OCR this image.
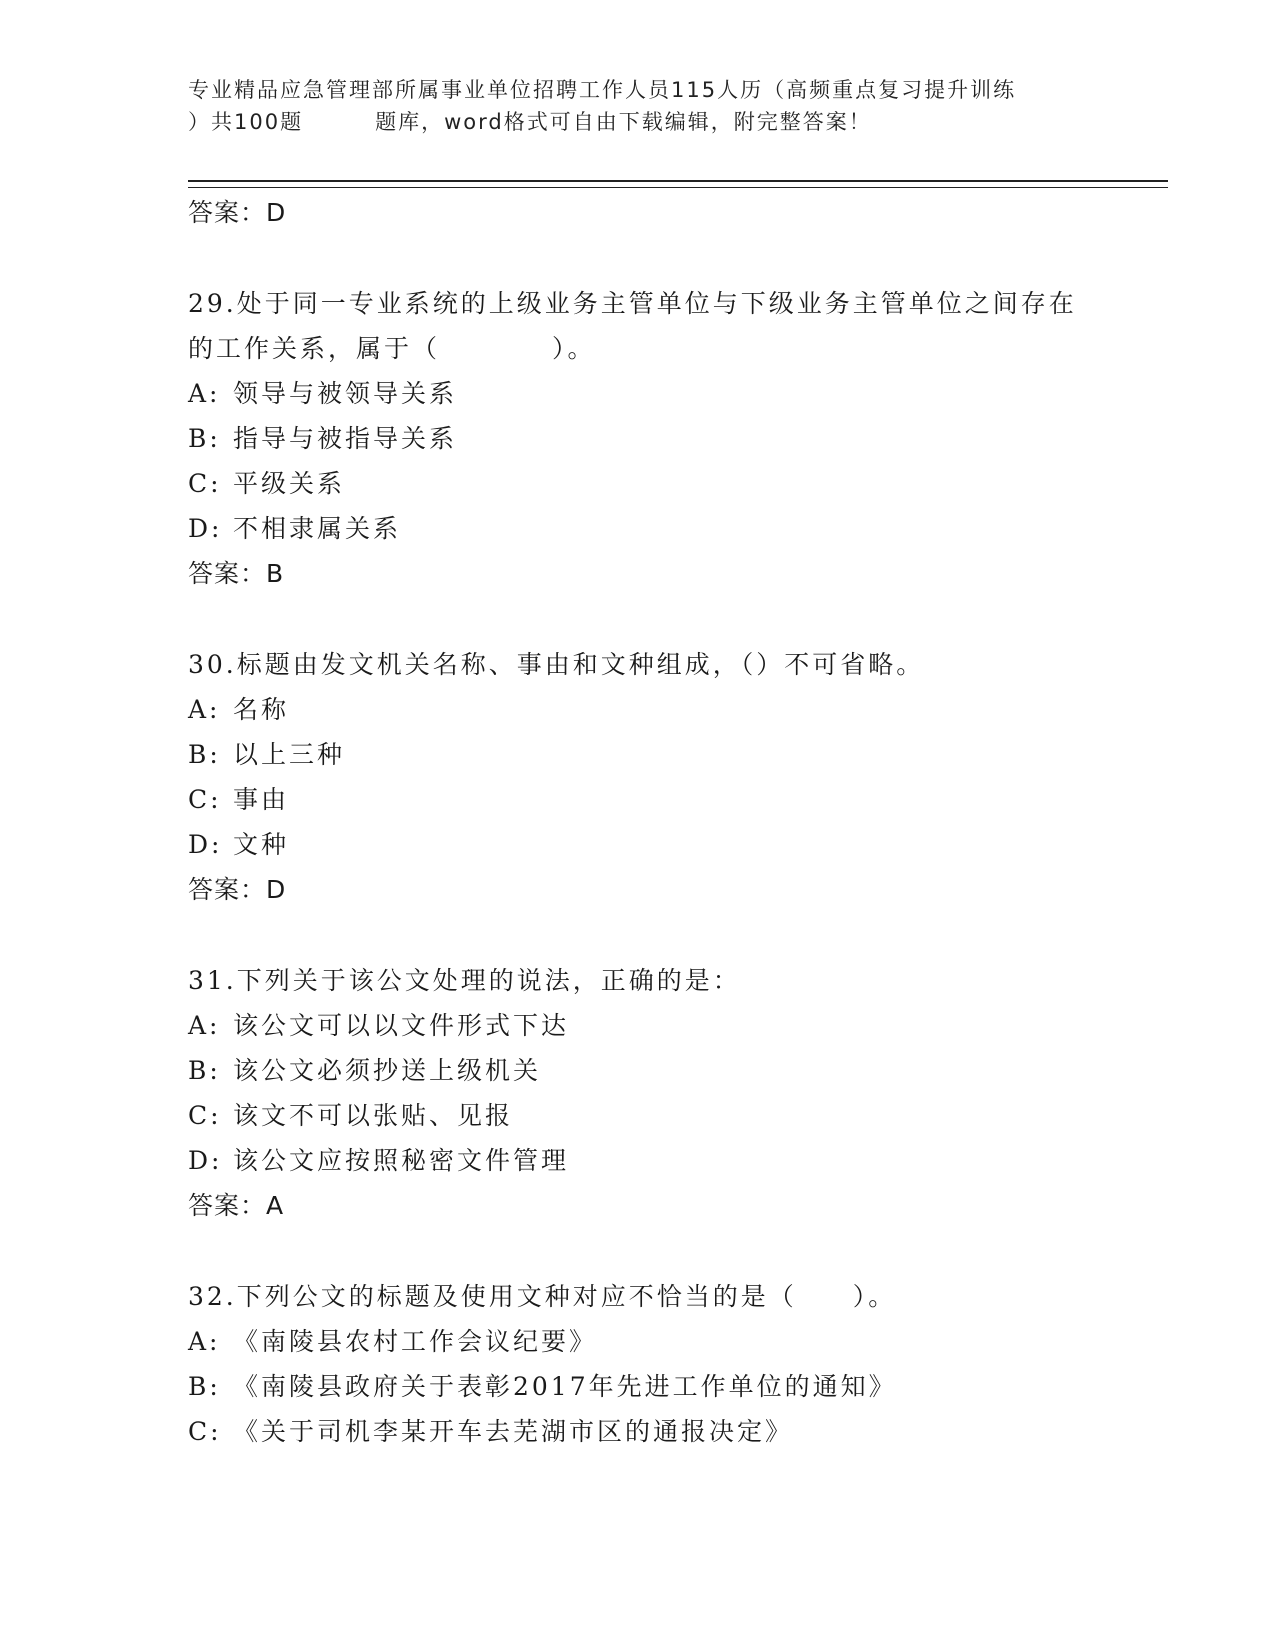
专业精品应急管理部所属事业单位招聘工作人员115人历（高频重点复习提升训练
）共100题	题库，word格式可自由下载编辑，附完整答案！
答案：D
29.处于同一专业系统的上级业务主管单位与下级业务主管单位之间存在的工作关系，属于（　　　　）。
A: 领导与被领导关系
B: 指导与被指导关系
C: 平级关系
D: 不相隶属关系
答案：B
30.标题由发文机关名称、事由和文种组成，（）不可省略。
A: 名称
B: 以上三种
C: 事由
D: 文种
答案：D
31.下列关于该公文处理的说法，正确的是：
A: 该公文可以以文件形式下达
B: 该公文必须抄送上级机关
C: 该文不可以张贴、见报
D: 该公文应按照秘密文件管理
答案：A
32.下列公文的标题及使用文种对应不恰当的是（　　）。
A: 《南陵县农村工作会议纪要》
B: 《南陵县政府关于表彰2017年先进工作单位的通知》
C: 《关于司机李某开车去芜湖市区的通报决定》
